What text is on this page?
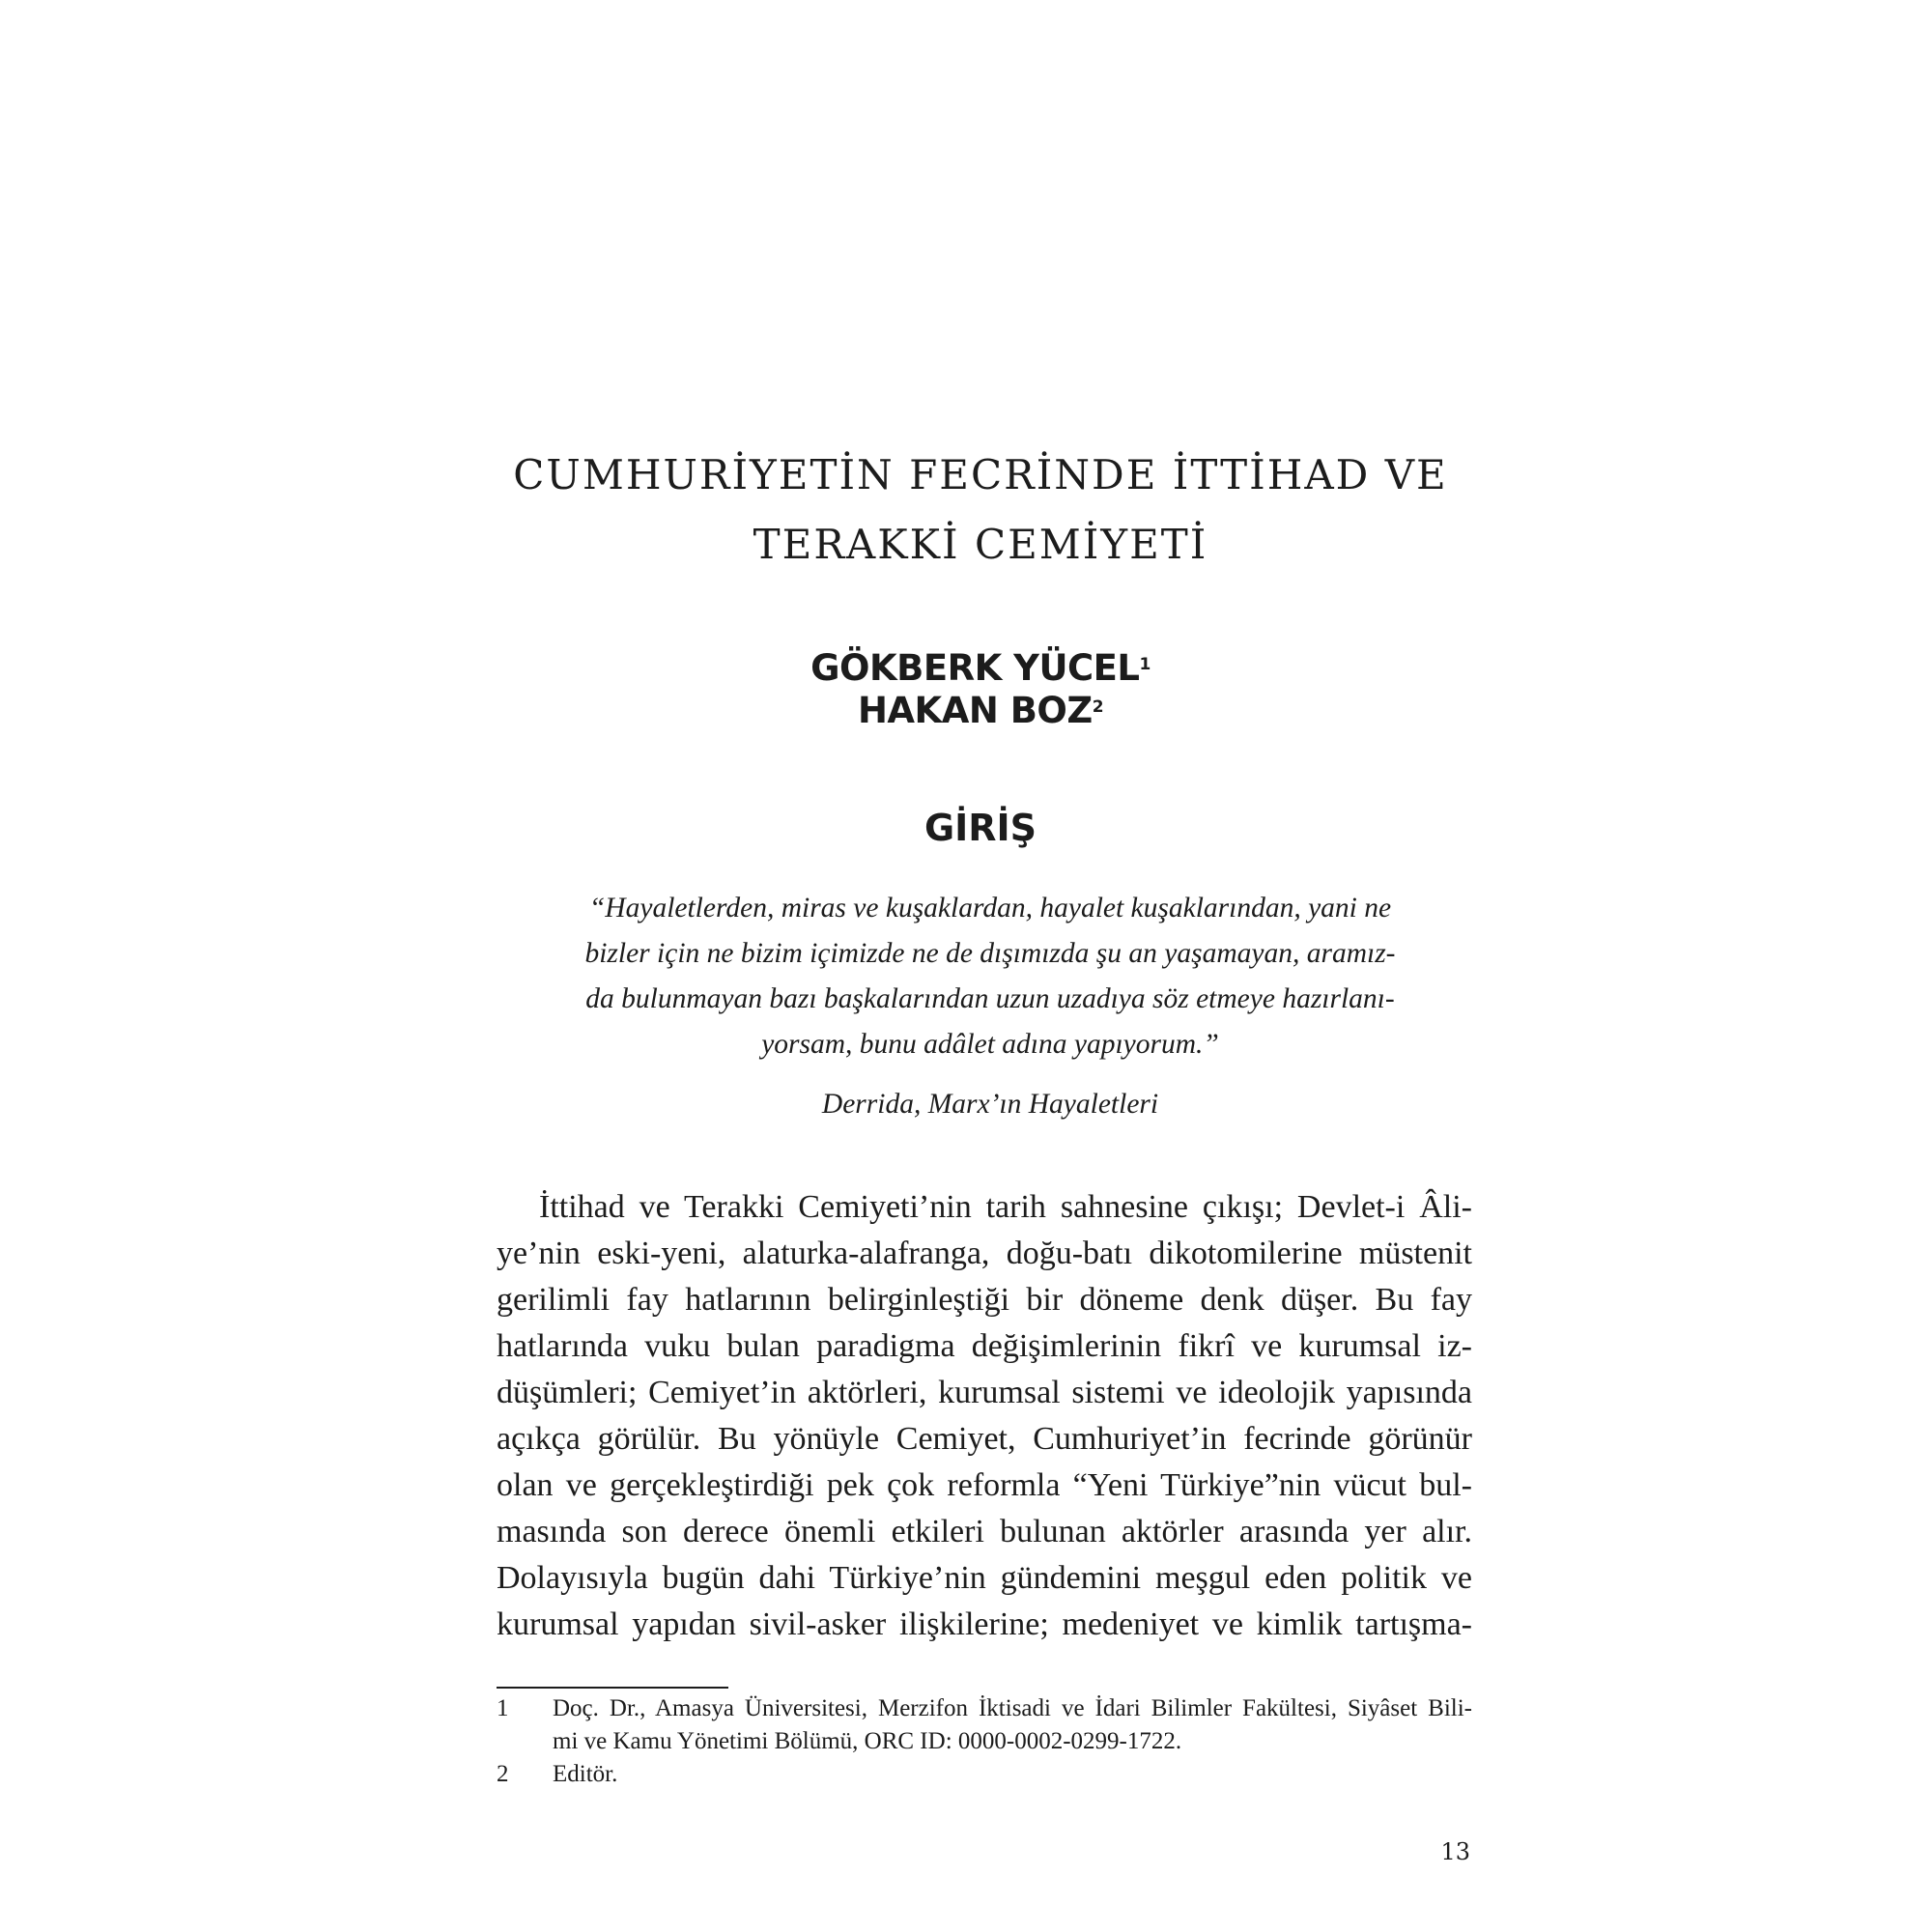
CUMHURİYETİN FECRİNDE İTTİHAD VE
TERAKKİ CEMİYETİ
GÖKBERK YÜCEL$^1$
HAKAN BOZ$^2$
GİRİŞ
“Hayaletlerden, miras ve kuşaklardan, hayalet kuşaklarından, yani ne
bizler için ne bizim içimizde ne de dışımızda şu an yaşamayan, aramız-
da bulunmayan bazı başkalarından uzun uzadıya söz etmeye hazırlanı-
yorsam, bunu adâlet adına yapıyorum.”
Derrida, Marx’ın Hayaletleri
İttihad ve Terakki Cemiyeti’nin tarih sahnesine çıkışı; Devlet-i Âli-
ye’nin eski-yeni, alaturka-alafranga, doğu-batı dikotomilerine müstenit
gerilimli fay hatlarının belirginleştiği bir döneme denk düşer. Bu fay
hatlarında vuku bulan paradigma değişimlerinin fikrî ve kurumsal iz-
düşümleri; Cemiyet’in aktörleri, kurumsal sistemi ve ideolojik yapısında
açıkça görülür. Bu yönüyle Cemiyet, Cumhuriyet’in fecrinde görünür
olan ve gerçekleştirdiği pek çok reformla “Yeni Türkiye”nin vücut bul-
masında son derece önemli etkileri bulunan aktörler arasında yer alır.
Dolayısıyla bugün dahi Türkiye’nin gündemini meşgul eden politik ve
kurumsal yapıdan sivil-asker ilişkilerine; medeniyet ve kimlik tartışma-
1 Doç. Dr., Amasya Üniversitesi, Merzifon İktisadi ve İdari Bilimler Fakültesi, Siyâset Bili-
mi ve Kamu Yönetimi Bölümü, ORC ID: 0000-0002-0299-1722.
2 Editör.
13
